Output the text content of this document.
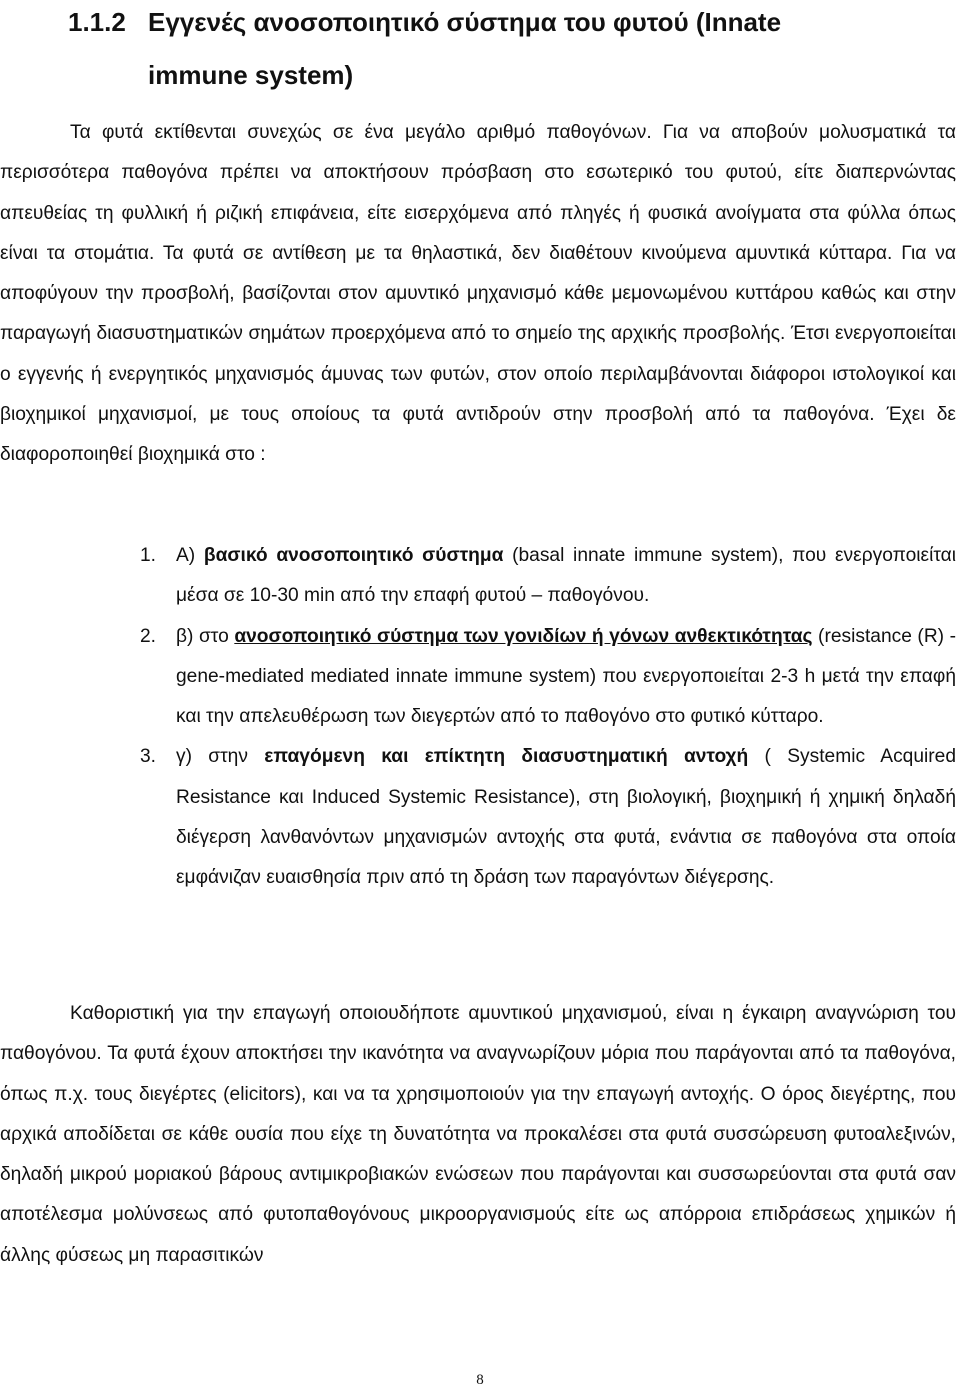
1.1.2 Εγγενές ανοσοποιητικό σύστημα του φυτού (Innate
immune system)

Τα φυτά εκτίθενται συνεχώς σε ένα μεγάλο αριθμό παθογόνων. Για να αποβούν μολυσματικά τα περισσότερα παθογόνα πρέπει να αποκτήσουν πρόσβαση στο εσωτερικό του φυτού, είτε διαπερνώντας απευθείας τη φυλλική ή ριζική επιφάνεια, είτε εισερχόμενα από πληγές ή φυσικά ανοίγματα στα φύλλα όπως είναι τα στομάτια. Τα φυτά σε αντίθεση με τα θηλαστικά, δεν διαθέτουν κινούμενα αμυντικά κύτταρα. Για να αποφύγουν την προσβολή, βασίζονται στον αμυντικό μηχανισμό κάθε μεμονωμένου κυττάρου καθώς και στην παραγωγή διασυστηματικών σημάτων προερχόμενα από το σημείο της αρχικής προσβολής. Έτσι ενεργοποιείται ο εγγενής ή ενεργητικός μηχανισμός άμυνας των φυτών, στον οποίο περιλαμβάνονται διάφοροι ιστολογικοί και βιοχημικοί μηχανισμοί, με τους οποίους τα φυτά αντιδρούν στην προσβολή από τα παθογόνα. Έχει δε διαφοροποιηθεί βιοχημικά στο :

1. Α) βασικό ανοσοποιητικό σύστημα (basal innate immune system), που ενεργοποιείται μέσα σε 10-30 min από την επαφή φυτού – παθογόνου.
2. β) στο ανοσοποιητικό σύστημα των γονιδίων ή γόνων ανθεκτικότητας (resistance (R) - gene-mediated mediated innate immune system) που ενεργοποιείται 2-3 h μετά την επαφή και την απελευθέρωση των διεγερτών από το παθογόνο στο φυτικό κύτταρο.
3. γ) στην επαγόμενη και επίκτητη διασυστηματική αντοχή ( Systemic Acquired Resistance και Induced Systemic Resistance), στη βιολογική, βιοχημική ή χημική δηλαδή διέγερση λανθανόντων μηχανισμών αντοχής στα φυτά, ενάντια σε παθογόνα στα οποία εμφάνιζαν ευαισθησία πριν από τη δράση των παραγόντων διέγερσης.

Καθοριστική για την επαγωγή οποιουδήποτε αμυντικού μηχανισμού, είναι η έγκαιρη αναγνώριση του παθογόνου. Τα φυτά έχουν αποκτήσει την ικανότητα να αναγνωρίζουν μόρια που παράγονται από τα παθογόνα, όπως π.χ. τους διεγέρτες (elicitors), και να τα χρησιμοποιούν για την επαγωγή αντοχής. Ο όρος διεγέρτης, που αρχικά αποδίδεται σε κάθε ουσία που είχε τη δυνατότητα να προκαλέσει στα φυτά συσσώρευση φυτοαλεξινών, δηλαδή μικρού μοριακού βάρους αντιμικροβιακών ενώσεων που παράγονται και συσσωρεύονται στα φυτά σαν αποτέλεσμα μολύνσεως από φυτοπαθογόνους μικροοργανισμούς είτε ως απόρροια επιδράσεως χημικών ή άλλης φύσεως μη παρασιτικών

8
